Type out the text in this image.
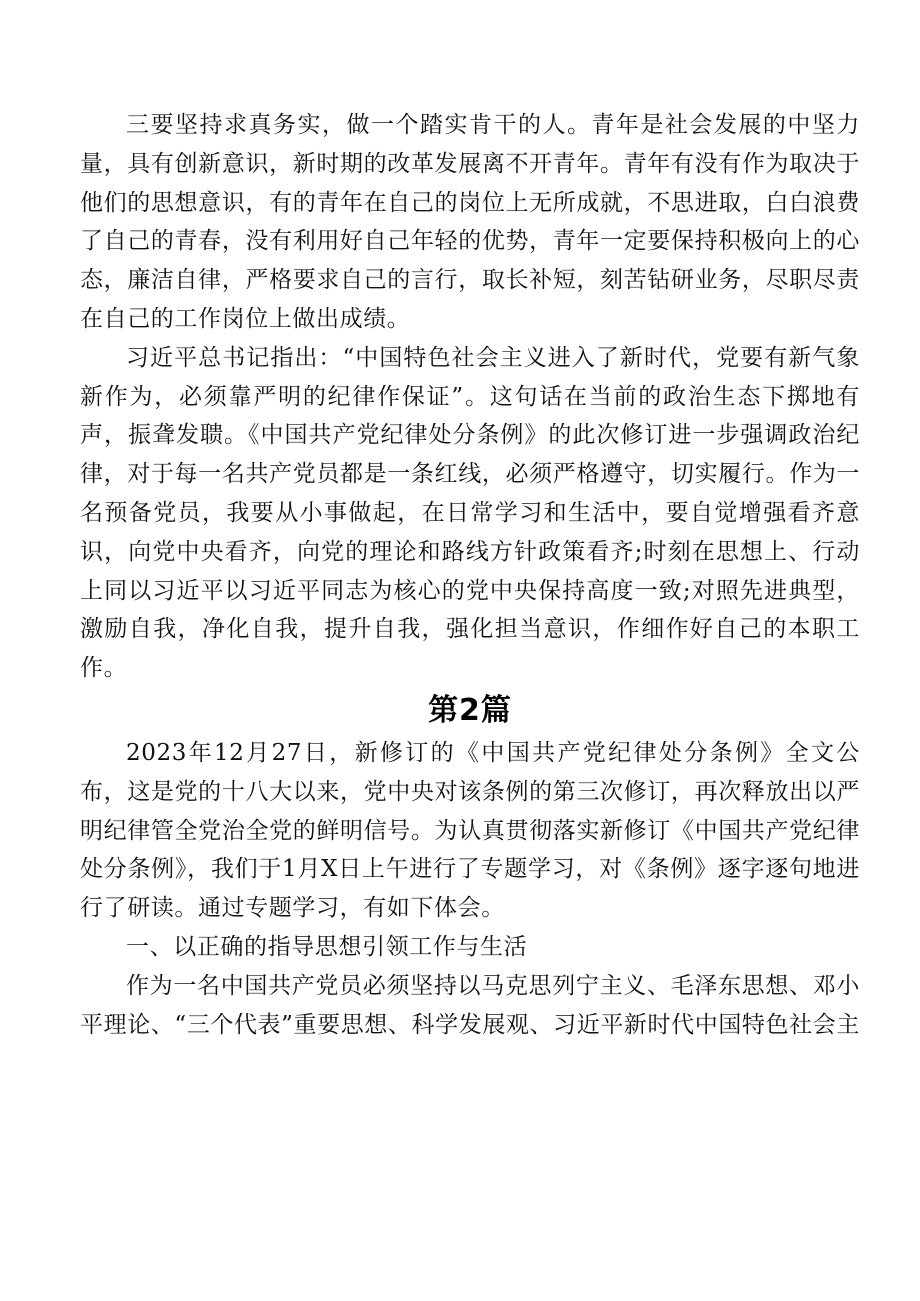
三要坚持求真务实，做一个踏实肯干的人。青年是社会发展的中坚力量，具有创新意识，新时期的改革发展离不开青年。青年有没有作为取决于他们的思想意识，有的青年在自己的岗位上无所成就，不思进取，白白浪费了自己的青春，没有利用好自己年轻的优势，青年一定要保持积极向上的心态，廉洁自律，严格要求自己的言行，取长补短，刻苦钻研业务，尽职尽责在自己的工作岗位上做出成绩。

习近平总书记指出：“中国特色社会主义进入了新时代，党要有新气象新作为，必须靠严明的纪律作保证”。这句话在当前的政治生态下掷地有声，振聋发聩。《中国共产党纪律处分条例》的此次修订进一步强调政治纪律，对于每一名共产党员都是一条红线，必须严格遵守，切实履行。作为一名预备党员，我要从小事做起，在日常学习和生活中，要自觉增强看齐意识，向党中央看齐，向党的理论和路线方针政策看齐;时刻在思想上、行动上同以习近平以习近平同志为核心的党中央保持高度一致;对照先进典型，激励自我，净化自我，提升自我，强化担当意识，作细作好自己的本职工作。

第2篇

2023年12月27日，新修订的《中国共产党纪律处分条例》全文公布，这是党的十八大以来，党中央对该条例的第三次修订，再次释放出以严明纪律管全党治全党的鲜明信号。为认真贯彻落实新修订《中国共产党纪律处分条例》，我们于1月X日上午进行了专题学习，对《条例》逐字逐句地进行了研读。通过专题学习，有如下体会。

一、以正确的指导思想引领工作与生活

作为一名中国共产党员必须坚持以马克思列宁主义、毛泽东思想、邓小平理论、“三个代表”重要思想、科学发展观、习近平新时代中国特色社会主
